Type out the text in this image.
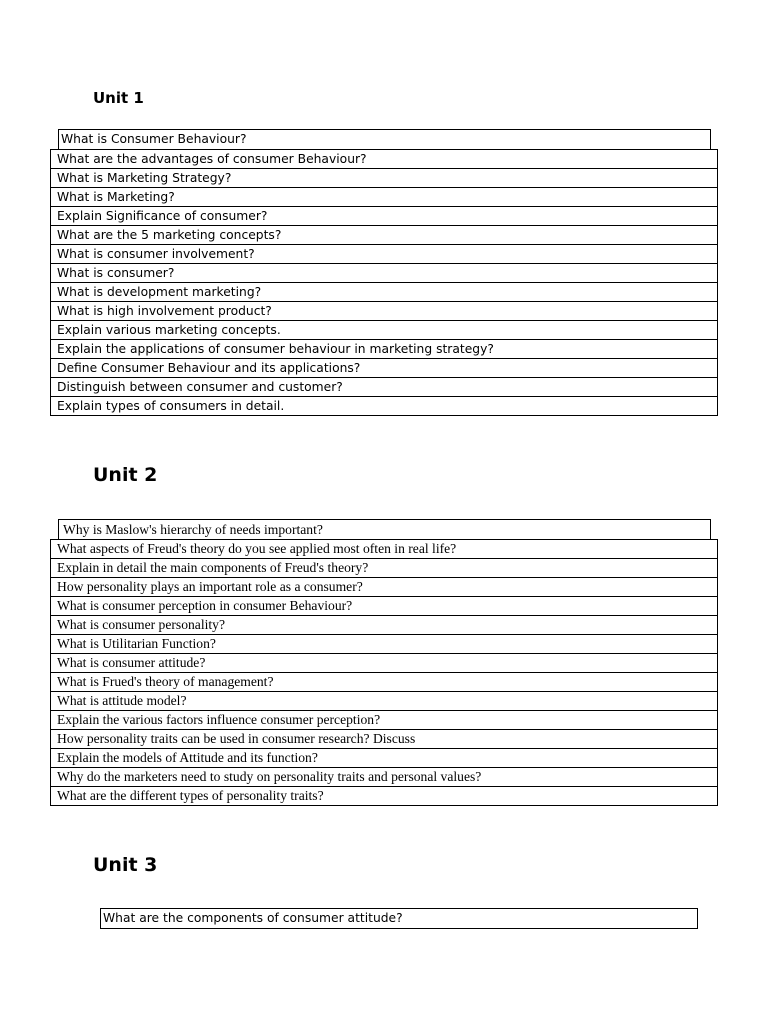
Unit 1
What is Consumer Behaviour?
What are the advantages of consumer Behaviour?
What is Marketing Strategy?
What is Marketing?
Explain Significance of consumer?
What are the 5 marketing concepts?
What is consumer involvement?
What is consumer?
What is development marketing?
What is high involvement product?
Explain various marketing concepts.
Explain the applications of consumer behaviour in marketing strategy?
Define Consumer Behaviour and its applications?
Distinguish between consumer and customer?
Explain types of consumers in detail.
Unit 2
Why is Maslow's hierarchy of needs important?
What aspects of Freud's theory do you see applied most often in real life?
Explain in detail the main components of Freud's theory?
How personality plays an important role as a consumer?
What is consumer perception in consumer Behaviour?
What is consumer personality?
What is Utilitarian Function?
What is consumer attitude?
What is Frued's theory of management?
What is attitude model?
Explain the various factors influence consumer perception?
How personality traits can be used in consumer research? Discuss
Explain the models of Attitude and its function?
Why do the marketers need to study on personality traits and personal values?
What are the different types of personality traits?
Unit 3
What are the components of consumer attitude?
